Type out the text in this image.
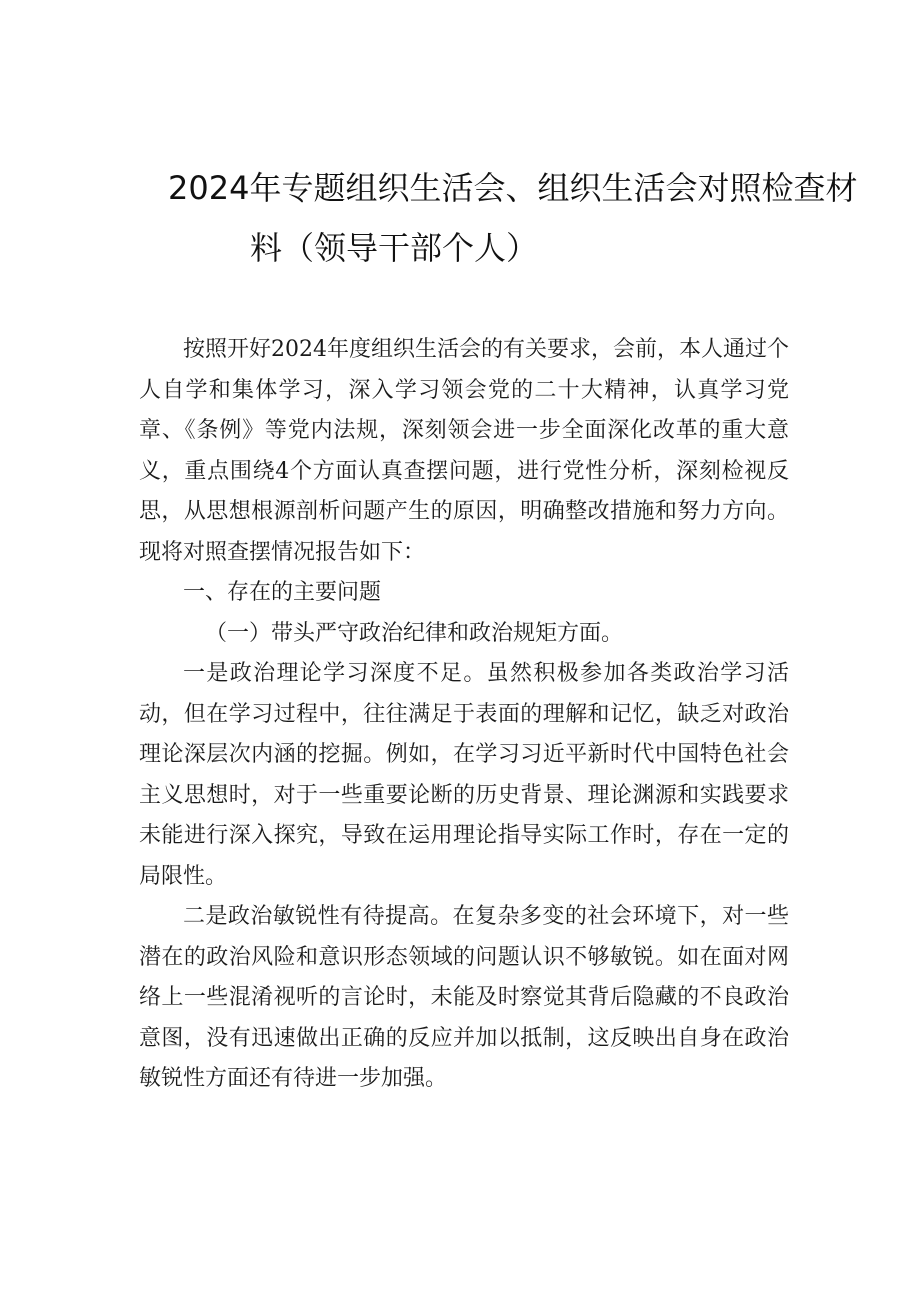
2024年专题组织生活会、组织生活会对照检查材
料（领导干部个人）

按照开好2024年度组织生活会的有关要求，会前，本人通过个人自学和集体学习，深入学习领会党的二十大精神，认真学习党章、《条例》等党内法规，深刻领会进一步全面深化改革的重大意义，重点围绕4个方面认真查摆问题，进行党性分析，深刻检视反思，从思想根源剖析问题产生的原因，明确整改措施和努力方向。现将对照查摆情况报告如下：

一、存在的主要问题

（一）带头严守政治纪律和政治规矩方面。

一是政治理论学习深度不足。虽然积极参加各类政治学习活动，但在学习过程中，往往满足于表面的理解和记忆，缺乏对政治理论深层次内涵的挖掘。例如，在学习习近平新时代中国特色社会主义思想时，对于一些重要论断的历史背景、理论渊源和实践要求未能进行深入探究，导致在运用理论指导实际工作时，存在一定的局限性。

二是政治敏锐性有待提高。在复杂多变的社会环境下，对一些潜在的政治风险和意识形态领域的问题认识不够敏锐。如在面对网络上一些混淆视听的言论时，未能及时察觉其背后隐藏的不良政治意图，没有迅速做出正确的反应并加以抵制，这反映出自身在政治敏锐性方面还有待进一步加强。
